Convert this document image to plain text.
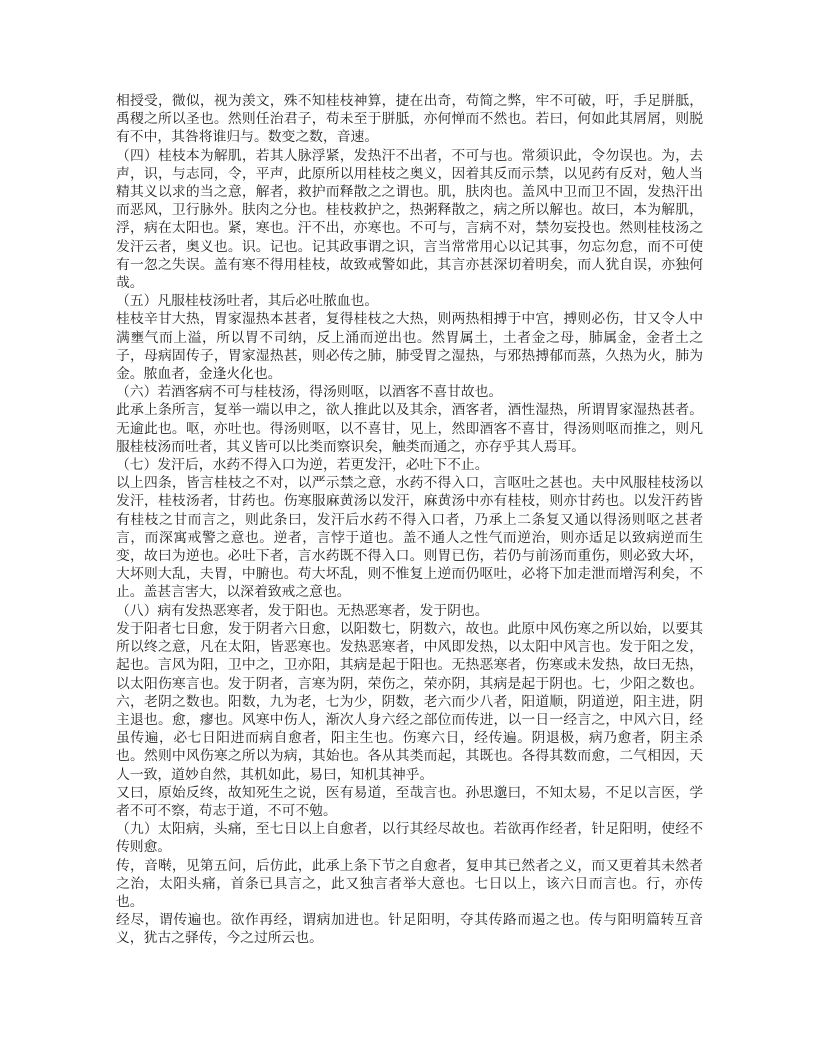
相授受，微似，视为羡文，殊不知桂枝神算，捷在出奇，苟简之弊，牢不可破，吁，手足胼胝，禹稷之所以圣也。然则任治君子，苟未至于胼胝，亦何惮而不然也。若曰，何如此其屑屑，则脱有不中，其咎将谁归与。数变之数，音速。

（四）桂枝本为解肌，若其人脉浮紧，发热汗不出者，不可与也。常须识此，令勿误也。为，去声，识，与志同，令，平声，此原所以用桂枝之奥义，因着其反而示禁，以见药有反对，勉人当精其义以求的当之意，解者，救护而释散之之谓也。肌，肤肉也。盖风中卫而卫不固，发热汗出而恶风，卫行脉外。肤肉之分也。桂枝救护之，热粥释散之，病之所以解也。故曰，本为解肌，浮，病在太阳也。紧，寒也。汗不出，亦寒也。不可与，言病不对，禁勿妄投也。然则桂枝汤之发汗云者，奥义也。识。记也。记其政事谓之识，言当常常用心以记其事，勿忘勿怠，而不可使有一忽之失误。盖有寒不得用桂枝，故致戒警如此，其言亦甚深切着明矣，而人犹自误，亦独何哉。

（五）凡服桂枝汤吐者，其后必吐脓血也。

桂枝辛甘大热，胃家湿热本甚者，复得桂枝之大热，则两热相搏于中宫，搏则必伤，甘又令人中满壅气而上溢，所以胃不司纳，反上涌而逆出也。然胃属土，土者金之母，肺属金，金者土之子，母病固传子，胃家湿热甚，则必传之肺，肺受胃之湿热，与邪热搏郁而蒸，久热为火，肺为金。脓血者，金逢火化也。

（六）若酒客病不可与桂枝汤，得汤则呕，以酒客不喜甘故也。

此承上条所言，复举一端以申之，欲人推此以及其余，酒客者，酒性湿热，所谓胃家湿热甚者。无逾此也。呕，亦吐也。得汤则呕，以不喜甘，见上，然即酒客不喜甘，得汤则呕而推之，则凡服桂枝汤而吐者，其义皆可以比类而察识矣，触类而通之，亦存乎其人焉耳。

（七）发汗后，水药不得入口为逆，若更发汗，必吐下不止。

以上四条，皆言桂枝之不对，以严示禁之意，水药不得入口，言呕吐之甚也。夫中风服桂枝汤以发汗，桂枝汤者，甘药也。伤寒服麻黄汤以发汗，麻黄汤中亦有桂枝，则亦甘药也。以发汗药皆有桂枝之甘而言之，则此条曰，发汗后水药不得入口者，乃承上二条复又通以得汤则呕之甚者言，而深寓戒警之意也。逆者，言悖于道也。盖不通人之性气而逆治，则亦适足以致病逆而生变，故曰为逆也。必吐下者，言水药既不得入口。则胃已伤，若仍与前汤而重伤，则必致大坏，大坏则大乱，夫胃，中腑也。苟大坏乱，则不惟复上逆而仍呕吐，必将下加走泄而增泻利矣，不止。盖甚言害大，以深着致戒之意也。

（八）病有发热恶寒者，发于阳也。无热恶寒者，发于阴也。

发于阳者七日愈，发于阴者六日愈，以阳数七，阴数六，故也。此原中风伤寒之所以始，以要其所以终之意，凡在太阳，皆恶寒也。发热恶寒者，中风即发热，以太阳中风言也。发于阳之发，起也。言风为阳，卫中之，卫亦阳，其病是起于阳也。无热恶寒者，伤寒或未发热，故曰无热，以太阳伤寒言也。发于阴者，言寒为阴，荣伤之，荣亦阴，其病是起于阴也。七，少阳之数也。六，老阴之数也。阳数，九为老，七为少，阴数，老六而少八者，阳道顺，阴道逆，阳主进，阴主退也。愈，瘳也。风寒中伤人，渐次人身六经之部位而传进，以一日一经言之，中风六日，经虽传遍，必七日阳进而病自愈者，阳主生也。伤寒六日，经传遍。阴退极，病乃愈者，阴主杀也。然则中风伤寒之所以为病，其始也。各从其类而起，其既也。各得其数而愈，二气相因，天人一致，道妙自然，其机如此，易曰，知机其神乎。

又曰，原始反终，故知死生之说，医有易道，至哉言也。孙思邈曰，不知太易，不足以言医，学者不可不察，苟志于道，不可不勉。

（九）太阳病，头痛，至七日以上自愈者，以行其经尽故也。若欲再作经者，针足阳明，使经不传则愈。

传，音啭，见第五问，后仿此，此承上条下节之自愈者，复申其已然者之义，而又更着其未然者之治，太阳头痛，首条已具言之，此又独言者举大意也。七日以上，该六日而言也。行，亦传也。

经尽，谓传遍也。欲作再经，谓病加进也。针足阳明，夺其传路而遏之也。传与阳明篇转互音义，犹古之驿传，今之过所云也。
